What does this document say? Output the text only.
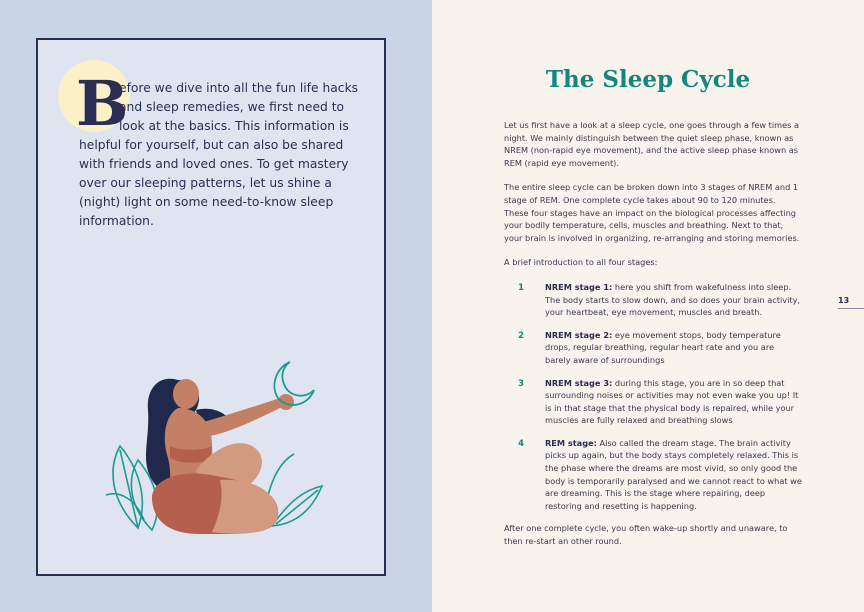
B

efore we dive into all the fun life hacks
and sleep remedies, we first need to
look at the basics. This information is
helpful for yourself, but can also be shared
with friends and loved ones. To get mastery
over our sleeping patterns, let us shine a
(night) light on some need-to-know sleep
information.

13
The Sleep Cycle

Let us first have a look at a sleep cycle, one goes through a few times a night. We mainly distinguish between the quiet sleep phase, known as NREM (non-rapid eye movement), and the active sleep phase known as REM (rapid eye movement).

The entire sleep cycle can be broken down into 3 stages of NREM and 1 stage of REM. One complete cycle takes about 90 to 120 minutes. These four stages have an impact on the biological processes affecting your bodily temperature, cells, muscles and breathing. Next to that, your brain is involved in organizing, re-arranging and storing memories.

A brief introduction to all four stages:

1	NREM stage 1: here you shift from wakefulness into sleep. The body starts to slow down, and so does your brain activity, your heartbeat, eye movement, muscles and breath.
2	NREM stage 2: eye movement stops, body temperature drops, regular breathing, regular heart rate and you are barely aware of surroundings
3	NREM stage 3: during this stage, you are in so deep that surrounding noises or activities may not even wake you up! It is in that stage that the physical body is repaired, while your muscles are fully relaxed and breathing slows
4	REM stage: Also called the dream stage. The brain activity picks up again, but the body stays completely relaxed. This is the phase where the dreams are most vivid, so only good the body is temporarily paralysed and we cannot react to what we are dreaming. This is the stage where repairing, deep restoring and resetting is happening.

After one complete cycle, you often wake-up shortly and unaware, to then re-start an other round.
